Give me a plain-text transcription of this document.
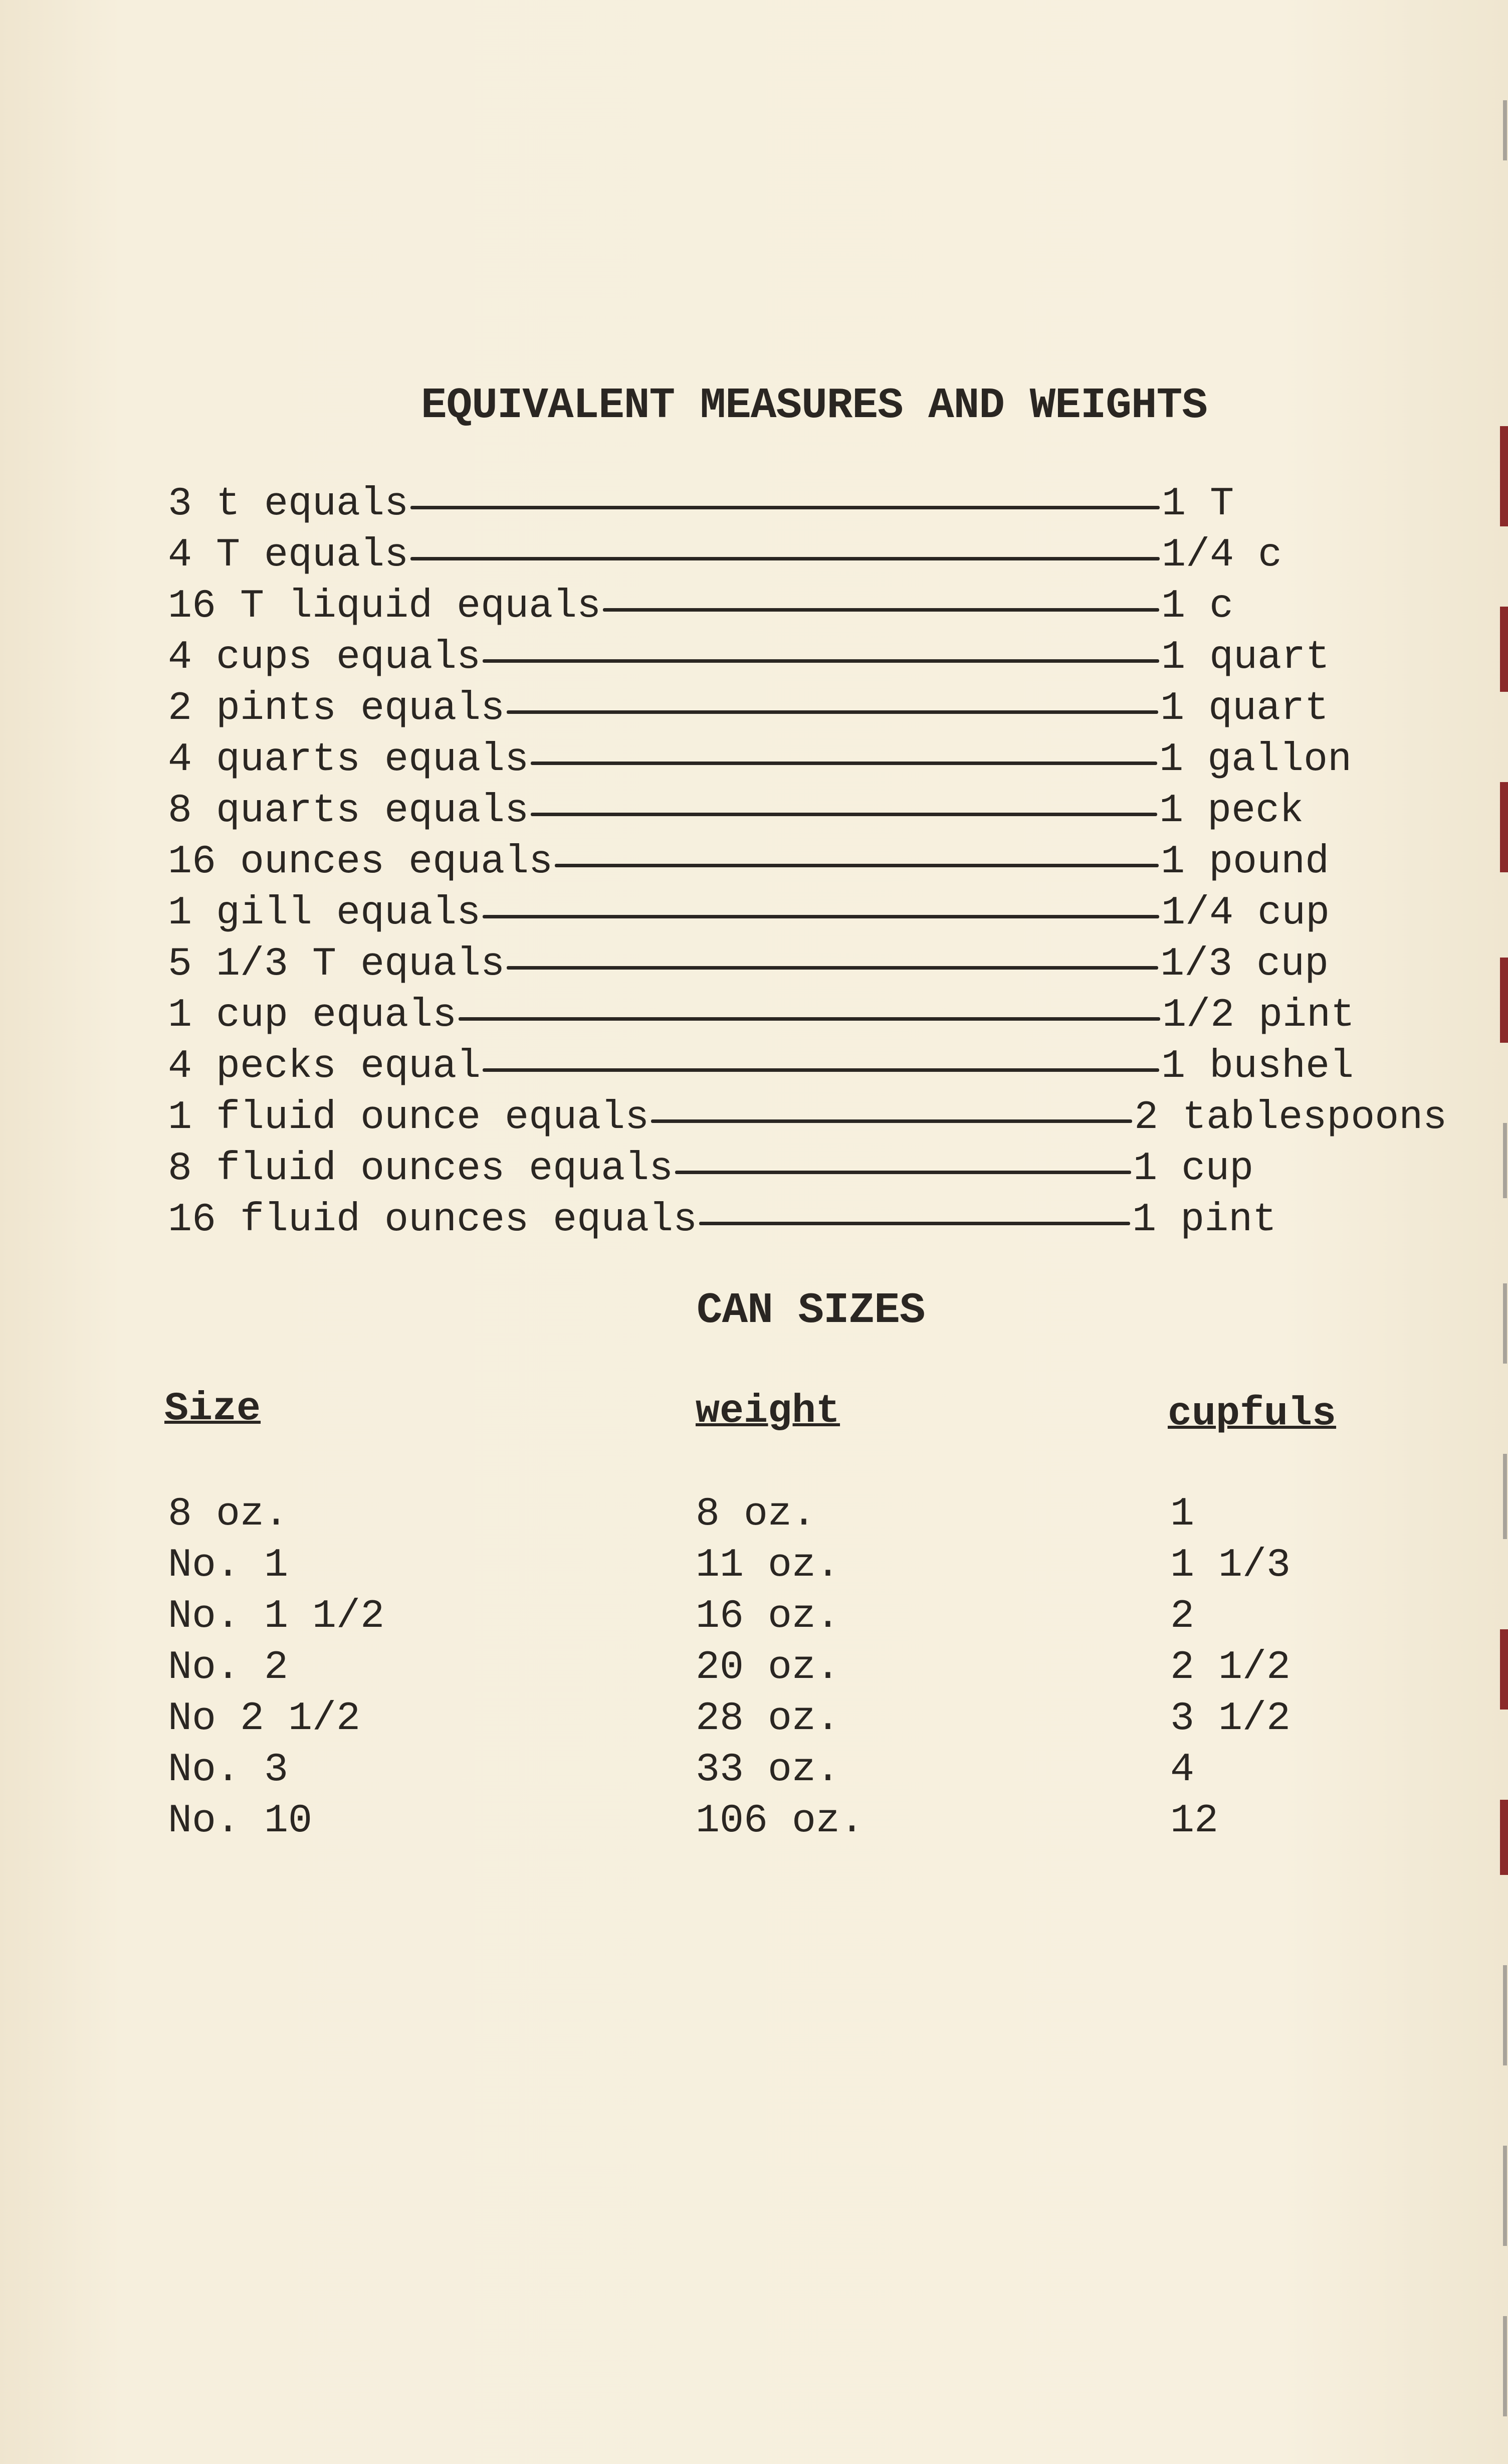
EQUIVALENT MEASURES AND WEIGHTS
3 t equals	1 T
4 T equals	1/4 c
16 T liquid equals	1 c
4 cups equals	1 quart
2 pints equals	1 quart
4 quarts equals	1 gallon
8 quarts equals	1 peck
16 ounces equals	1 pound
1 gill equals	1/4 cup
5 1/3 T equals	1/3 cup
1 cup equals	1/2 pint
4 pecks equal	1 bushel
1 fluid ounce equals	2 tablespoons
8 fluid ounces equals	1 cup
16 fluid ounces equals	1 pint
CAN SIZES
Size	weight	cupfuls
8 oz.	8 oz.	1
No. 1	11 oz.	1 1/3
No. 1 1/2	16 oz.	2
No. 2	20 oz.	2 1/2
No 2 1/2	28 oz.	3 1/2
No. 3	33 oz.	4
No. 10	106 oz.	12
